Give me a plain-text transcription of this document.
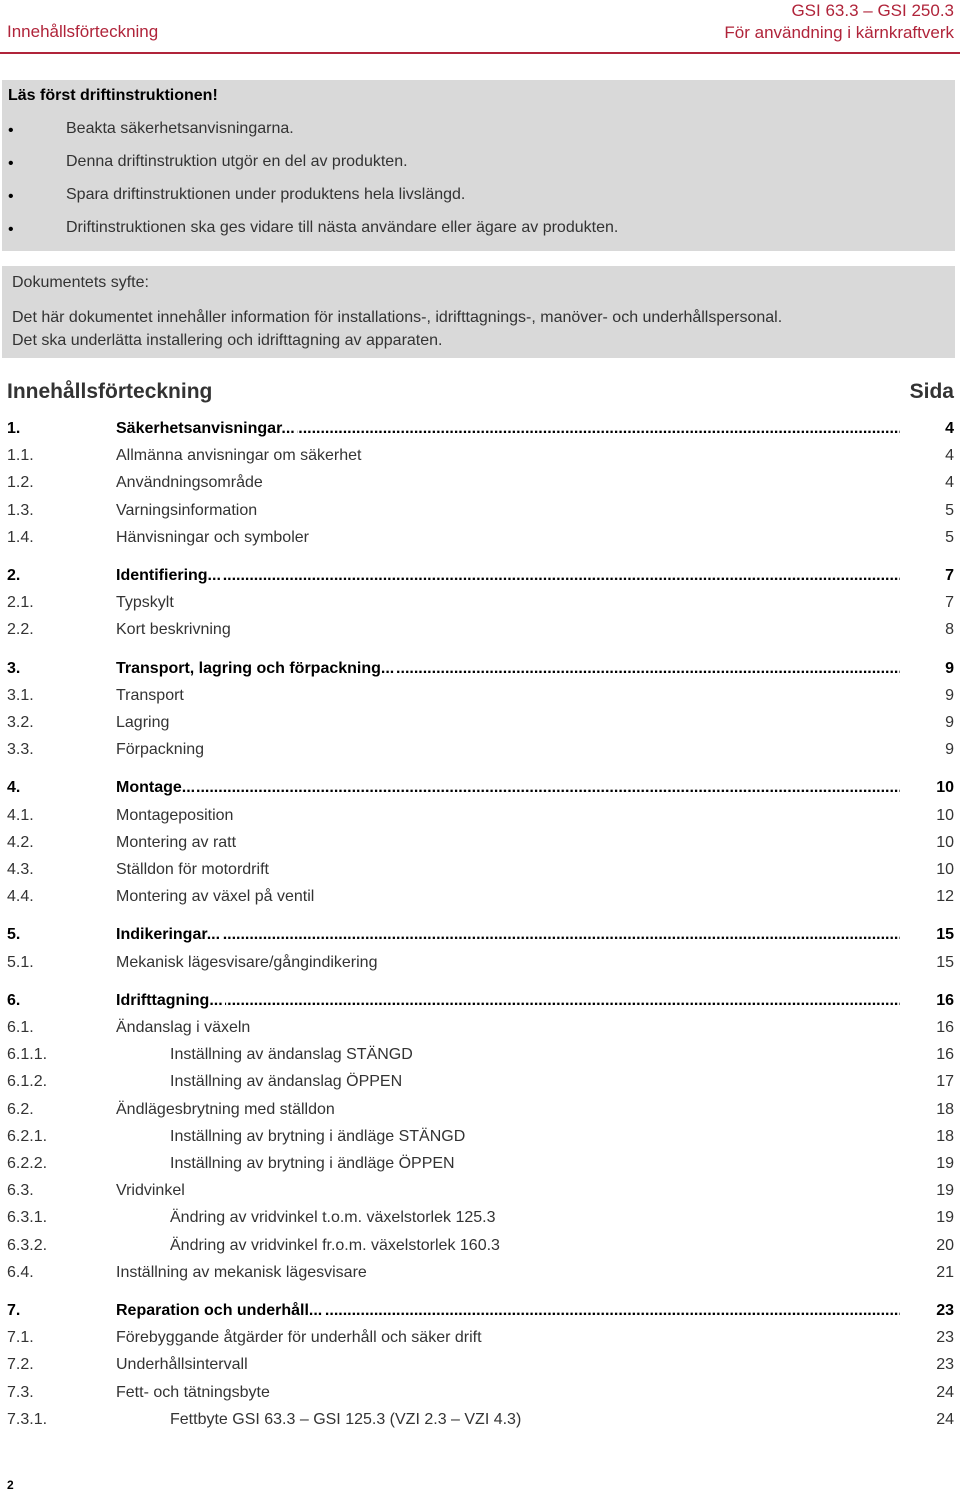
Innehållsförteckning
GSI 63.3 – GSI 250.3
För användning i kärnkraftverk
Läs först driftinstruktionen!
•	Beakta säkerhetsanvisningarna.
•	Denna driftinstruktion utgör en del av produkten.
•	Spara driftinstruktionen under produktens hela livslängd.
•	Driftinstruktionen ska ges vidare till nästa användare eller ägare av produkten.
Dokumentets syfte:
Det här dokumentet innehåller information för installations-, idrifttagnings-, manöver- och underhållspersonal.
Det ska underlätta installering och idrifttagning av apparaten.
Innehållsförteckning	Sida
1. .....	Säkerhetsanvisningar...	4
1.1.	Allmänna anvisningar om säkerhet	4
1.2.	Användningsområde	4
1.3.	Varningsinformation	5
1.4.	Hänvisningar och symboler	5
2. .....	Identifiering...	7
2.1.	Typskylt	7
2.2.	Kort beskrivning	8
3. .....	Transport, lagring och förpackning...	9
3.1.	Transport	9
3.2.	Lagring	9
3.3.	Förpackning	9
4. .....	Montage...	10
4.1.	Montageposition	10
4.2.	Montering av ratt	10
4.3.	Ställdon för motordrift	10
4.4.	Montering av växel på ventil	12
5. .....	Indikeringar...	15
5.1.	Mekanisk lägesvisare/gångindikering	15
6. .....	Idrifttagning...	16
6.1.	Ändanslag i växeln	16
6.1.1.	Inställning av ändanslag STÄNGD	16
6.1.2.	Inställning av ändanslag ÖPPEN	17
6.2.	Ändlägesbrytning med ställdon	18
6.2.1.	Inställning av brytning i ändläge STÄNGD	18
6.2.2.	Inställning av brytning i ändläge ÖPPEN	19
6.3.	Vridvinkel	19
6.3.1.	Ändring av vridvinkel t.o.m. växelstorlek 125.3	19
6.3.2.	Ändring av vridvinkel fr.o.m. växelstorlek 160.3	20
6.4.	Inställning av mekanisk lägesvisare	21
7. .....	Reparation och underhåll...	23
7.1.	Förebyggande åtgärder för underhåll och säker drift	23
7.2.	Underhållsintervall	23
7.3.	Fett- och tätningsbyte	24
7.3.1.	Fettbyte GSI 63.3 – GSI 125.3 (VZI 2.3 – VZI 4.3)	24
2
